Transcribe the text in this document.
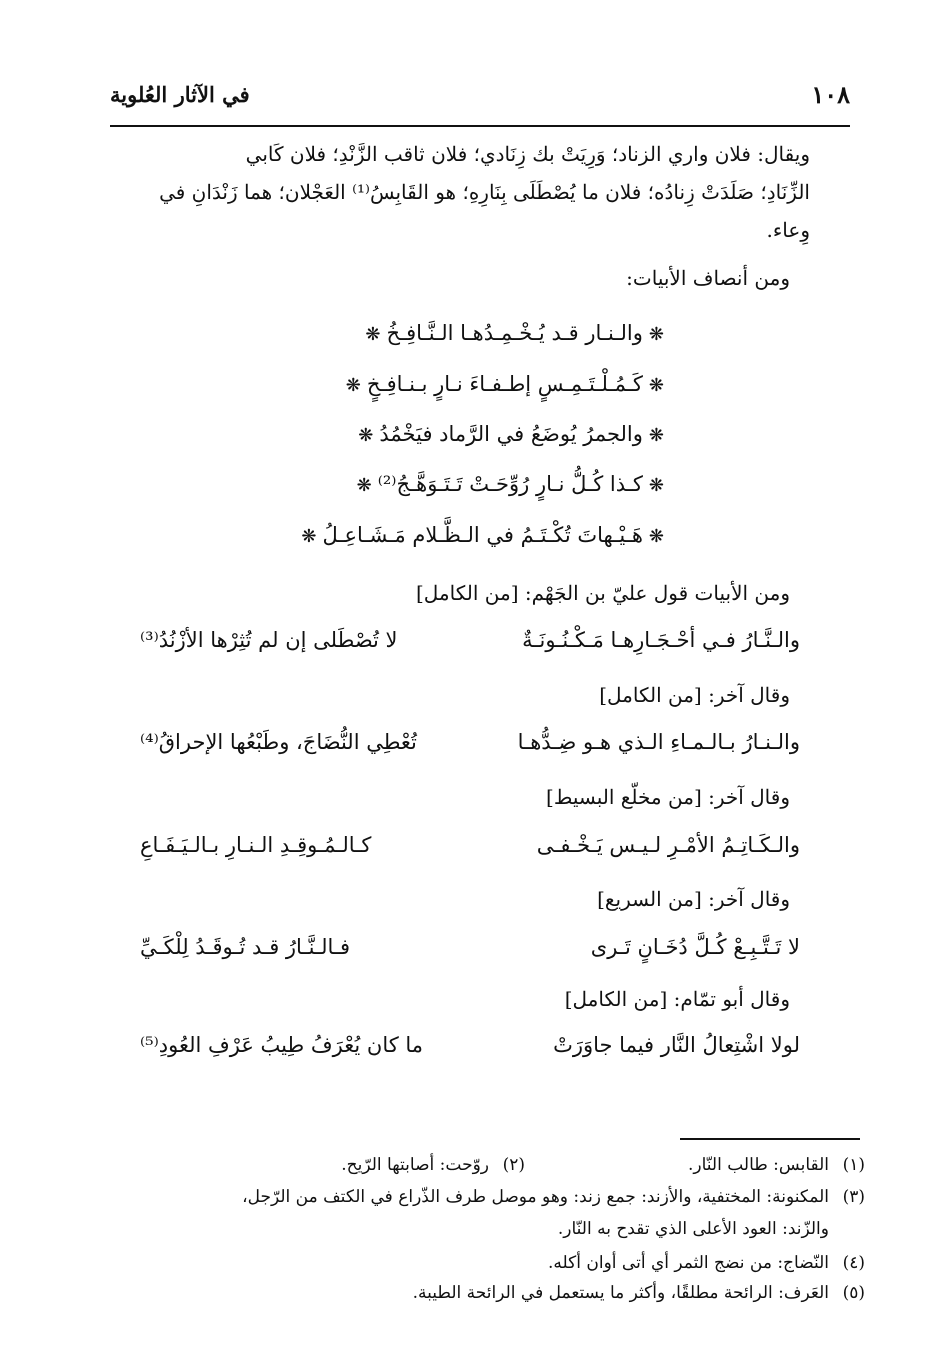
١٠٨
في الآثار العُلوية
ويقال: فلان واري الزناد؛ وَرِيَتْ بك زِنَادي؛ فلان ثاقب الزَّنْدِ؛ فلان كَابي
الزِّنَادِ؛ صَلَدَتْ زِنادُه؛ فلان ما يُصْطَلَى بِنَارِهِ؛ هو القَابِسُ⁽¹⁾ العَجْلان؛ هما زَنْدَانِ في
وِعاء.
ومن أنصاف الأبيات:
❋والـنـار قـد يُـخْـمِـدُهـا الـنَّـافِـخُ❋
❋كَـمُـلْـتَـمِـسٍ إطـفـاءَ نـارٍ بـنـافِـخٍ❋
❋والجمرُ يُوضَعُ في الرَّماد فيَخْمُدُ❋
❋كـذا كُـلُّ نـارٍ رُوِّحَـتْ تَـتَـوَهَّـجُ⁽²⁾❋
❋هَـيْـهاتَ تُكْـتَـمُ في الـظَّـلام مَـشَـاعِـلُ❋
ومن الأبيات قول عليّ بن الجَهْم: [من الكامل]
والـنَّـارُ فـي أحْـجَـارِهـا مَـكْـنُـونَـةٌ
لا تُصْطَلى إن لم تُثِرْها الأزْنُدُ⁽³⁾
وقال آخر: [من الكامل]
والـنـارُ بـالـمـاءِ الـذي هـو ضِـدُّهـا
تُعْطِي النُّضَاجَ، وطَبْعُها الإحراقُ⁽⁴⁾
وقال آخر: [من مخلّع البسيط]
والـكَـاتِـمُ الأمْـرِ لـيـس يَـخْـفـى
كـالـمُـوقِـدِ الـنـارِ بـالـيَـفَـاعِ
وقال آخر: [من السريع]
لا تَـتَّـبِـعْ كُـلَّ دُخَـانٍ تَـرى
فـالـنَّـارُ قـد تُـوقَـدُ لِلْكَـيِّ
وقال أبو تمّام: [من الكامل]
لولا اشْتِعالُ النَّار فيما جاوَرَتْ
ما كان يُعْرَفُ طِيبُ عَرْفِ العُودِ⁽⁵⁾
(١)القابس: طالب النّار.
(٢)روّحت: أصابتها الرّيح.
(٣)المكنونة: المختفية، والأزند: جمع زند: وهو موصل طرف الذّراع في الكتف من الرّجل،
والزّند: العود الأعلى الذي تقدح به النّار.
(٤)النّضاج: من نضج الثمر أي أتى أوان أكله.
(٥)العَرف: الرائحة مطلقًا، وأكثر ما يستعمل في الرائحة الطيبة.
